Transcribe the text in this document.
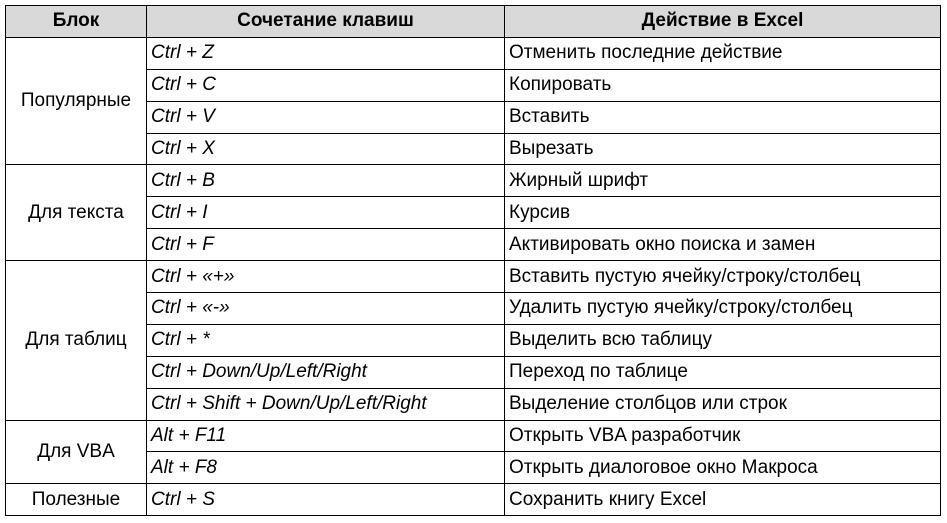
Блок	Сочетание клавиш	Действие в Excel
Популярные	Ctrl + Z	Отменить последние действие
	Ctrl + C	Копировать
	Ctrl + V	Вставить
	Ctrl + X	Вырезать
Для текста	Ctrl + B	Жирный шрифт
	Ctrl + I	Курсив
	Ctrl + F	Активировать окно поиска и замен
Для таблиц	Ctrl + «+»	Вставить пустую ячейку/строку/столбец
	Ctrl + «-»	Удалить пустую ячейку/строку/столбец
	Ctrl + *	Выделить всю таблицу
	Ctrl + Down/Up/Left/Right	Переход по таблице
	Ctrl + Shift + Down/Up/Left/Right	Выделение столбцов или строк
Для VBA	Alt + F11	Открыть VBA разработчик
	Alt + F8	Открыть диалоговое окно Макроса
Полезные	Ctrl + S	Сохранить книгу Excel
